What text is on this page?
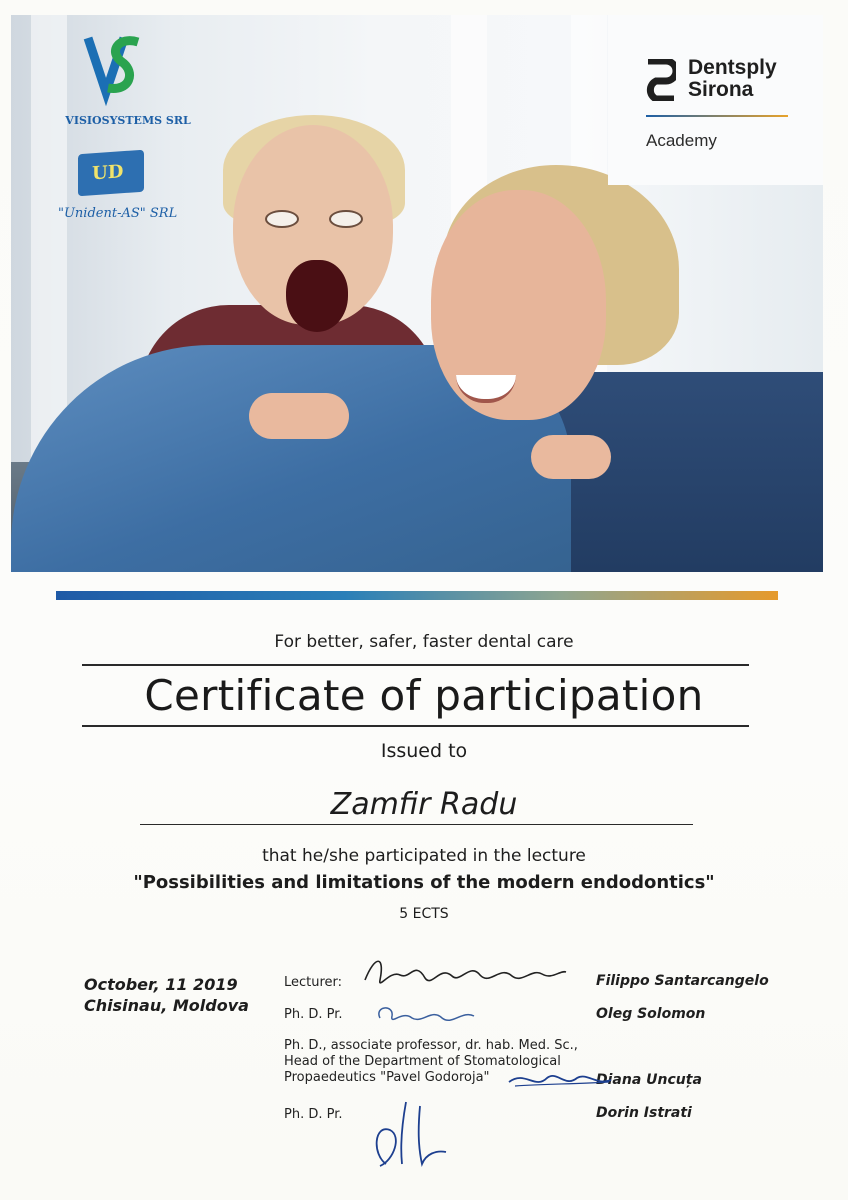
VISIOSYSTEMS SRL
UD
"Unident-AS" SRL
Dentsply
Sirona
Academy
For better, safer, faster dental care
Certificate of participation
Issued to
Zamfir Radu
that he/she participated in the lecture
"Possibilities and limitations of the modern endodontics"
5 ECTS
October, 11 2019
Chisinau, Moldova
Lecturer:	Filippo Santarcangelo
Ph. D. Pr.	Oleg Solomon
Ph. D., associate professor, dr. hab. Med. Sc.,
Head of the Department of Stomatological
Propaedeutics "Pavel Godoroja"	Diana Uncuța
Ph. D. Pr.	Dorin Istrati
